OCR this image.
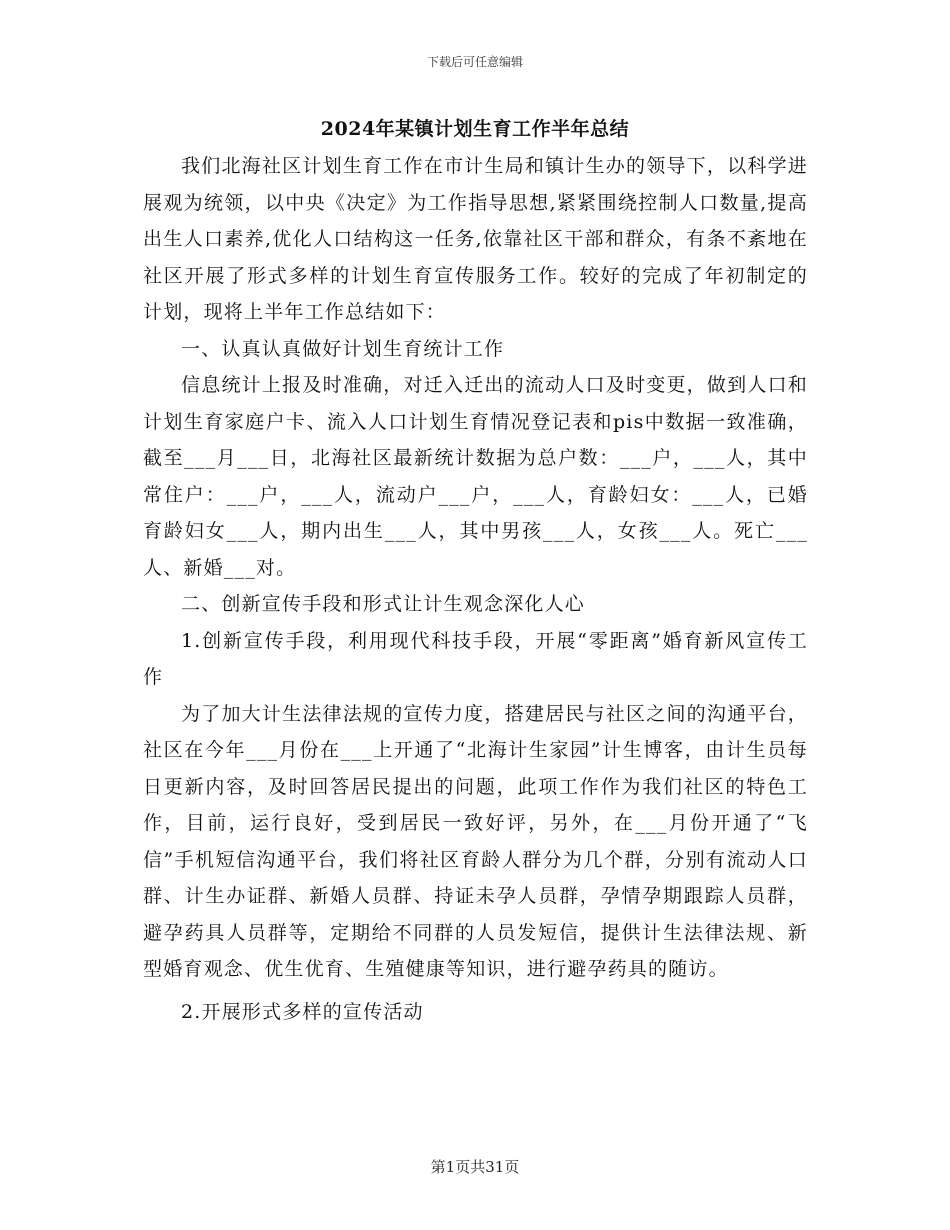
下载后可任意编辑
2024年某镇计划生育工作半年总结

我们北海社区计划生育工作在市计生局和镇计生办的领导下，以科学进展观为统领，以中央《决定》为工作指导思想,紧紧围绕控制人口数量,提高出生人口素养,优化人口结构这一任务,依靠社区干部和群众，有条不紊地在社区开展了形式多样的计划生育宣传服务工作。较好的完成了年初制定的计划，现将上半年工作总结如下：

一、认真认真做好计划生育统计工作

信息统计上报及时准确，对迁入迁出的流动人口及时变更，做到人口和计划生育家庭户卡、流入人口计划生育情况登记表和pis中数据一致准确，截至___月___日，北海社区最新统计数据为总户数：___户，___人，其中常住户：___户，___人，流动户___户，___人，育龄妇女：___人，已婚育龄妇女___人，期内出生___人，其中男孩___人，女孩___人。死亡___人、新婚___对。

二、创新宣传手段和形式让计生观念深化人心

1.创新宣传手段，利用现代科技手段，开展“零距离”婚育新风宣传工作

为了加大计生法律法规的宣传力度，搭建居民与社区之间的沟通平台，社区在今年___月份在___上开通了“北海计生家园”计生博客，由计生员每日更新内容，及时回答居民提出的问题，此项工作作为我们社区的特色工作，目前，运行良好，受到居民一致好评，另外，在___月份开通了“飞信”手机短信沟通平台，我们将社区育龄人群分为几个群，分别有流动人口群、计生办证群、新婚人员群、持证未孕人员群，孕情孕期跟踪人员群，避孕药具人员群等，定期给不同群的人员发短信，提供计生法律法规、新型婚育观念、优生优育、生殖健康等知识，进行避孕药具的随访。

2.开展形式多样的宣传活动

第1页共31页
